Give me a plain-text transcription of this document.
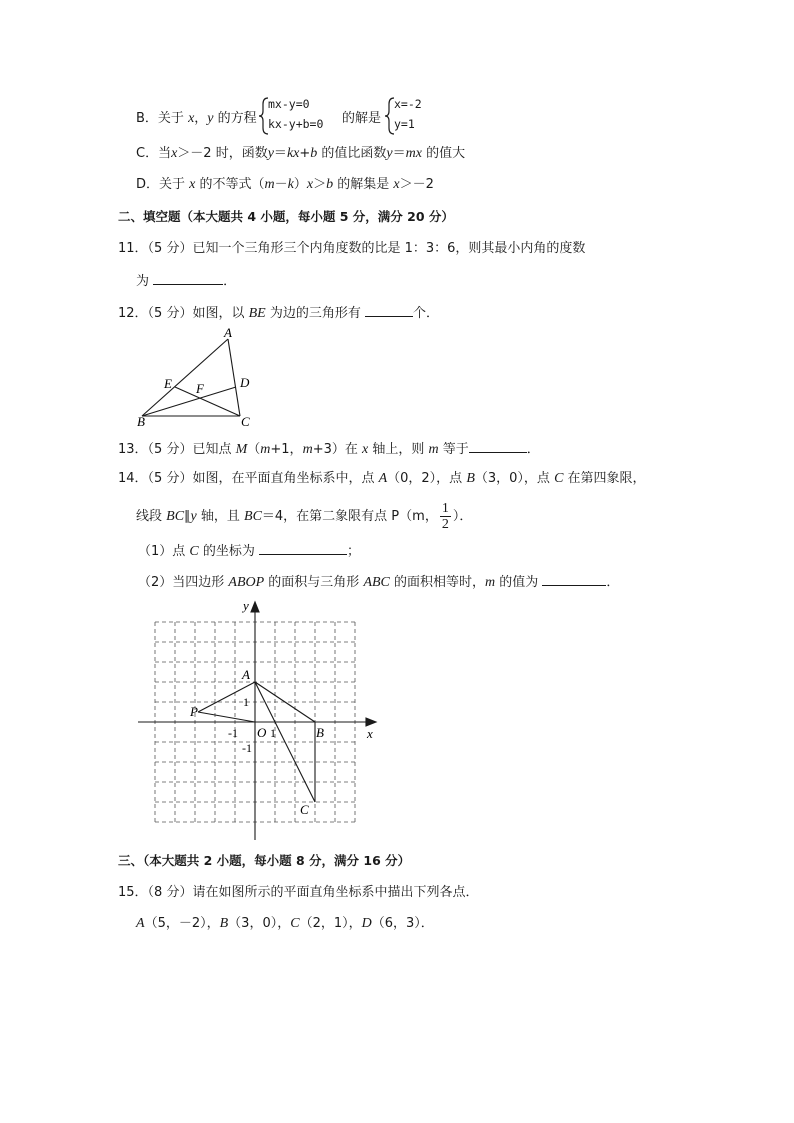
B．关于 x，y 的方程
mx-y=0
kx-y+b=0 的解是
x=-2
y=1
C．当x＞－2 时，函数y＝kx+b 的值比函数y＝mx 的值大
D．关于 x 的不等式（m－k）x＞b 的解集是 x＞－2
二、填空题（本大题共 4 小题，每小题 5 分，满分 20 分）
11．（5 分）已知一个三角形三个内角度数的比是 1：3：6，则其最小内角的度数
为	．
12．（5 分）如图，以 BE 为边的三角形有	个．
A
B	C
D
E F
13．（5 分）已知点 M（m+1，m+3）在 x 轴上，则 m 等于	．
14．（5 分）如图，在平面直角坐标系中，点 A（0，2），点 B（3，0），点 C 在第四象限，
线段 BC∥y 轴，且 BC＝4，在第二象限有点 P（m， $\frac{1}{2}$ ）．
（1）点 C 的坐标为	；
（2）当四边形 ABOP 的面积与三角形 ABC 的面积相等时，m 的值为	．
y
x
A
B
C
P
O
1
-1	1
-1
三、（本大题共 2 小题，每小题 8 分，满分 16 分）
15．（8 分）请在如图所示的平面直角坐标系中描出下列各点．
A（5，－2），B（3，0），C（2，1），D（6，3）．
